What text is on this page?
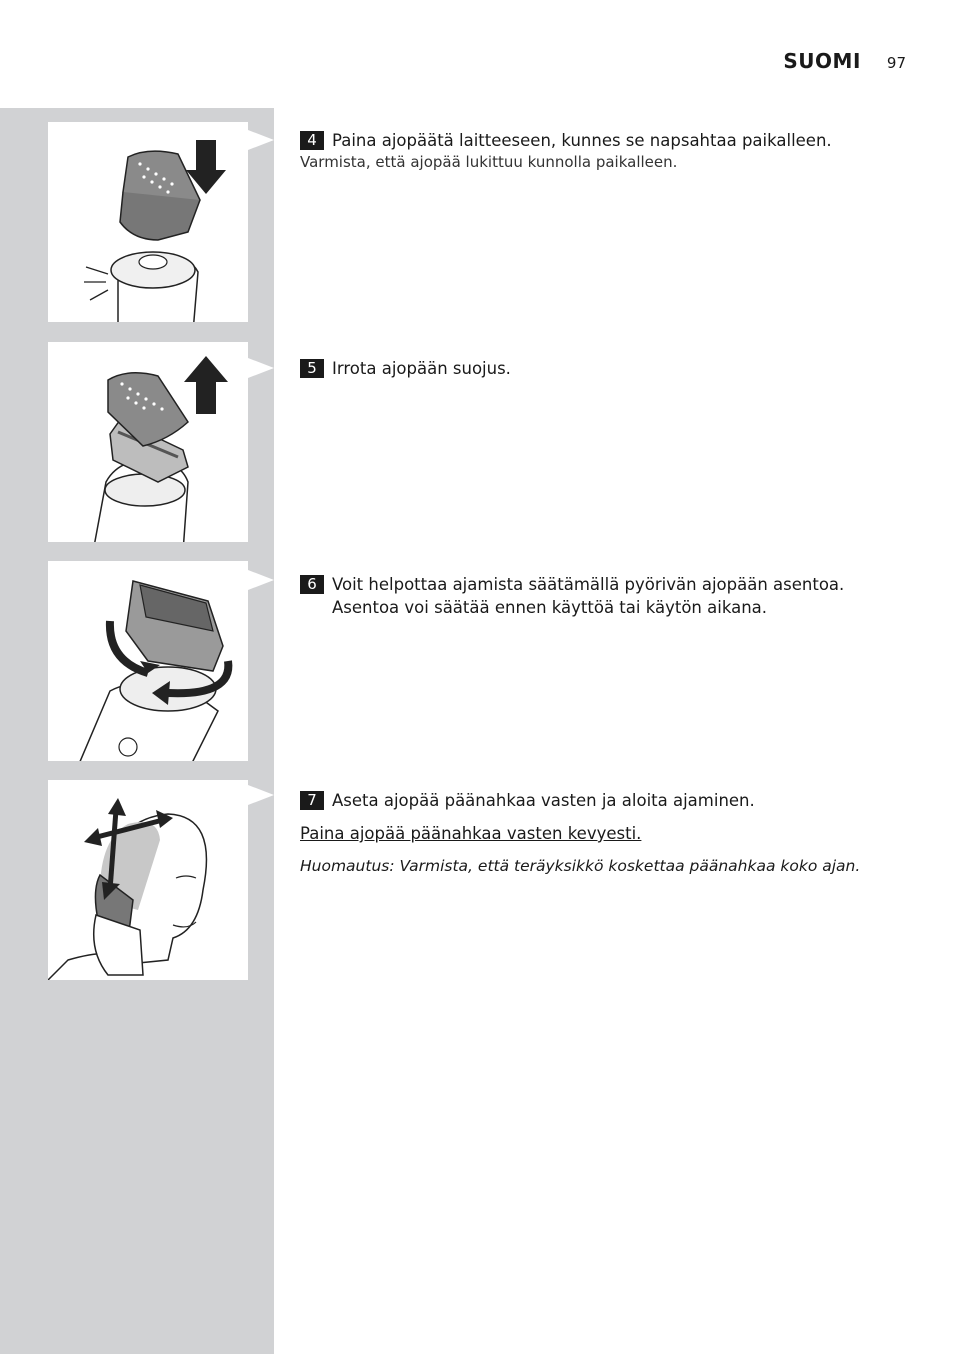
SUOMI 97
4 Paina ajopäätä laitteeseen, kunnes se napsahtaa paikalleen.
Varmista, että ajopää lukittuu kunnolla paikalleen.
5 Irrota ajopään suojus.
6 Voit helpottaa ajamista säätämällä pyörivän ajopään asentoa. Asentoa voi säätää ennen käyttöä tai käytön aikana.
7 Aseta ajopää päänahkaa vasten ja aloita ajaminen.
Paina ajopää päänahkaa vasten kevyesti.
Huomautus: Varmista, että teräyksikkö koskettaa päänahkaa koko ajan.
